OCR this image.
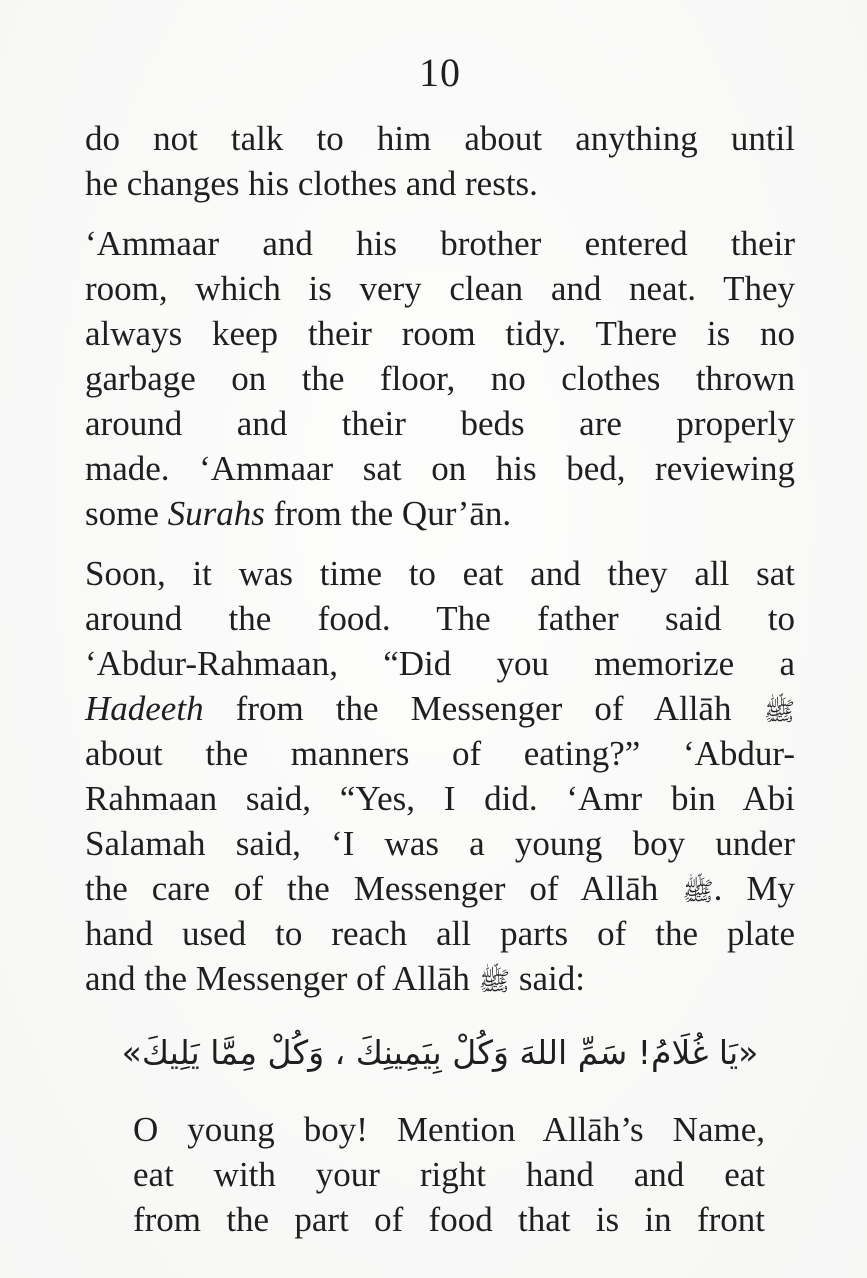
10
do not talk to him about anything until
he changes his clothes and rests.
‘Ammaar and his brother entered their
room, which is very clean and neat. They
always keep their room tidy. There is no
garbage on the floor, no clothes thrown
around and their beds are properly
made. ‘Ammaar sat on his bed, reviewing
some Surahs from the Qur’ān.
Soon, it was time to eat and they all sat
around the food. The father said to
‘Abdur-Rahmaan, “Did you memorize a
Hadeeth from the Messenger of Allāh ﷺ
about the manners of eating?” ‘Abdur-
Rahmaan said, “Yes, I did. ‘Amr bin Abi
Salamah said, ‘I was a young boy under
the care of the Messenger of Allāh ﷺ. My
hand used to reach all parts of the plate
and the Messenger of Allāh ﷺ said:
«يَا غُلَامُ! سَمِّ اللهَ وَكُلْ بِيَمِينِكَ ، وَكُلْ مِمَّا يَلِيكَ»
O young boy! Mention Allāh’s Name,
eat with your right hand and eat
from the part of food that is in front
